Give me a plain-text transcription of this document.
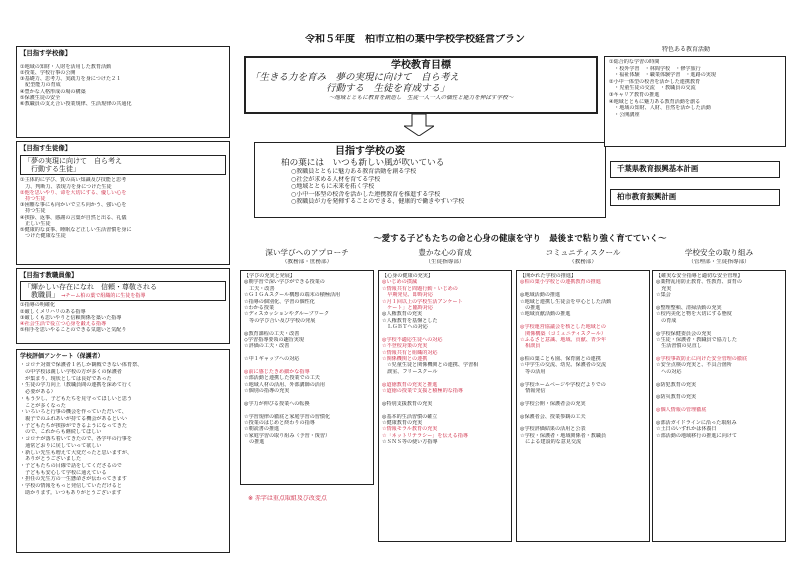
令和５年度　柏市立柏の葉中学校学校経営プラン
【目指す学校像】
①地域の知財・人財を活用した教育活動
②授業、学校行事の公開
③基礎力、思考力、実践力を身につけた２１
　紀型能力の育成
④豊かな人格形成の場の構築
⑤保護生徒の安全
⑥教職員の支え合い授業規律、生活規律の共通化
【目指す生徒像】
「夢の実現に向けて　自ら考え
　行動する生徒」
①主体的に学び、質の高い知識及び技能と思考
　力、判断力、表現力を身につけた生徒
②他を思いやり、命を大切にする、優しい心を
　持つ生徒
③困難な事にも向かいで立ち向かう、強い心を
　持つ生徒
④挨拶、返事、感謝の言葉が自然と出る、礼儀
　正しい生徒
⑤健康的な食事、睡眠など正しい生活習慣を身に
　つけた健康な生徒
【目指す教職員像】
「輝かしい存在になれ　信頼・尊敬される
　教職員」 ⇒チーム柏の葉で組織的に生徒を指導
①指導の明確化
②厳しくメリハリのある指導
③厳しくも思いやりと信頼関係を築いた指導
④社会生活で役立つ心身を鍛える指導
⑤相手を思いやることのできる気遣いと気配り
学校評価アンケート（保護者）
・コロナ対策で保護者１名しか観戦できない体育祭、
　の中学校は親しい学校の方が多くの保護者
　が集まり、現状としては良好であった
・生徒の学力向上（教職員間の連携を深めて行く
　必要がある）
・もう少し、子どもたちを見守ってほしいと思う
　ことが多くなった
・いろいろと行事の機会を作っていただいて、
　親子でのふれあいが持てる機会があるといい
・子どもたちが挨拶ができるようになってきた
　ので、これからも継続してほしい
・コロナが落ち着いてきたので、各学年の行事を
　通常どおりに戻していって欲しい
・新しい先生も増えて大変だったと思いますが、
　ありがとうございました
・子どもたちの目線で話をしてくださるので
　子どもも安心して学校に通えている
・担任の先生方の一生懸命さが伝わってきます
・学校の情報をもっと発信していただけると
　助かります。いつもありがとうございます
学校教育目標
「生きる力を育み　夢の実現に向けて　自ら考え
　　　　　　　　行動する　生徒を育成する」
～地域とともに教育を創造し　生徒一人一人の個性と能力を伸ばす学校～
目指す学校の姿
柏の葉には　いつも新しい風が吹いている
○教職員とともに魅力ある教育活動を創る学校
○社会が求める人材を育てる学校
○地域とともに未来を拓く学校
○小中一体型の校舎を活かした連携教育を推進する学校
○教職員が力を発揮することのできる、健康的で働きやすい学校
千葉県教育振興基本計画
柏市教育振興計画
特色ある教育活動
①総合的な学習の時間
　・校外学習　・林間学校　・修学旅行
　・福祉体験　・職業体験学習　・進路の実現
②小中一体型の校舎を活かした連携教育
　・児童生徒の交流　・教職員の交流
③キャリア教育の推進
④地域とともに魅力ある教育活動を創る
　・地域の知財、人財、自然を活かした活動
　・公開講座
～愛する子どもたちの命と心身の健康を守り　最後まで粘り強く育てていく～
深い学びへのアプローチ
（教務部・庶務部）
【学びの充実と発展】
◎朝学習で深い学びができる授業の
　工夫・改善
☆ＧＩＧＡスクール構想の端末の積極活用
☆指導の個別化、学習の個性化
☆わかる授業
☆ディスカッションやグループワーク
　等の学び合い及び学校の発展

◎教育課程の工夫・改善
◇学習指導要領の趣旨実現
☆評価の工夫・改善

☆中１ギャップへの対応

◎前に感じたきめ細かな指導
☆部活動と連携した授業での工夫
☆地域人材の活用、外部講師の活用
☆個別の指導の充実

◎学力が伸びる授業への転換

☆学習規律の徹底と家庭学習の習慣化
☆授業のはじめと終わりの指導
☆朝読書の推進
☆家庭学習の取り組み（予習・復習）
　の推進
※ 赤字は重点取組及び改変点
豊かな心の育成
（生徒指導部）
【心身の健康の充実】
◎いじめの撲滅
☆情報共有と問題行動・いじめの
　早期発見、即時対応
☆月１回以上の学校生活アンケート
　ケート」と臨時対応
◎人権教育の充実
☆人権教育を基盤とした
　ＬＧＢＴへの対応

◎学校不適応生徒への対応
☆不登校対策の充実
☆情報共有と組織的対応
☆関係機関との連携
　☆児童生徒と関係機関との連携、学習相
　談室、フリースクール

◎道徳教育の充実と推進
☆道徳の授業で支援と積極的な指導

◎特別支援教育の充実

◎基本的生活習慣の確立
☆健康教育の充実
☆情報モラル教育の充実
☆「ネットリテラシー」を伝える指導
☆ＳＮＳ等の使い方指導
コミュニティスクール
（教務部）
【開かれた学校の推進】
◎柏の葉小学校との連携教育の推進

◎地域活動の推進
☆地域と連携し生徒会を中心とした活動
　の推進
☆地域貢献活動の推進

◎学校運営協議会を核とした地域との
　関係構築（コミュニティスクール）
☆ふるさと意識、地域、貢献、青少年
　相談員

◎柏の葉ことも園、保育園との連携
☆中学生の交流、幼児、保護者の交流
　等の活用

◎学校ホームページや学校だよりでの
　情報発信

◎学校公開・保護者会の充実

◎保護者会、授業参観の工夫

◎学校評価結果の活用と公表
☆学校・保護者・地域関係者・教職員
　による建設的な意見交流
学校安全の取り組み
（管理部・生徒指導部）
【確実な安全指導と適切な安全管理】
◎薬物乱用防止教育、性教育、食育の
　充実
☆集会

◎整理整頓、清掃活動の充実
☆校内美化と物を大切にする態度
　の育成

◎学校保健委員会の充実
☆生徒・保護者・教職員で協力した
　生活習慣の見直し

◎学校事故防止に向けた安全管理の徹底
☆安全点検の充実と、不具合箇所
　への対応

◎防犯教育の充実

◎防災教育の充実

◎個人情報の管理徹底

◎部活ガイドラインに沿った取組み
☆土日のいずれかは休養日
☆部活動の地域移行の推進に向けて
